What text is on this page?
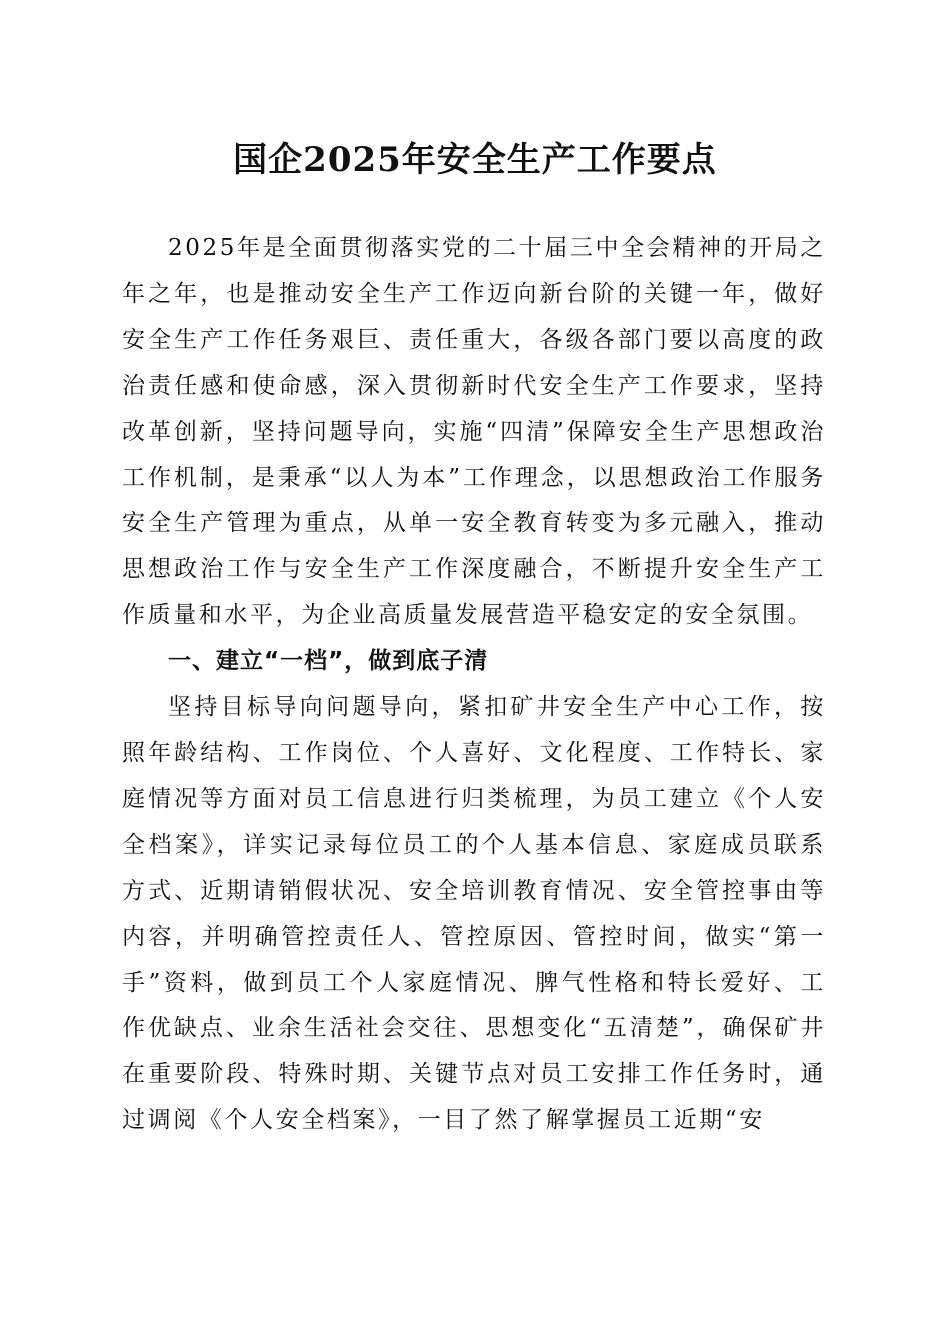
国企2025年安全生产工作要点

2025年是全面贯彻落实党的二十届三中全会精神的开局之年之年，也是推动安全生产工作迈向新台阶的关键一年，做好安全生产工作任务艰巨、责任重大，各级各部门要以高度的政治责任感和使命感，深入贯彻新时代安全生产工作要求，坚持改革创新，坚持问题导向，实施“四清”保障安全生产思想政治工作机制，是秉承“以人为本”工作理念，以思想政治工作服务安全生产管理为重点，从单一安全教育转变为多元融入，推动思想政治工作与安全生产工作深度融合，不断提升安全生产工作质量和水平，为企业高质量发展营造平稳安定的安全氛围。

一、建立“一档”，做到底子清

坚持目标导向问题导向，紧扣矿井安全生产中心工作，按照年龄结构、工作岗位、个人喜好、文化程度、工作特长、家庭情况等方面对员工信息进行归类梳理，为员工建立《个人安全档案》，详实记录每位员工的个人基本信息、家庭成员联系方式、近期请销假状况、安全培训教育情况、安全管控事由等内容，并明确管控责任人、管控原因、管控时间，做实“第一手”资料，做到员工个人家庭情况、脾气性格和特长爱好、工作优缺点、业余生活社会交往、思想变化“五清楚”，确保矿井在重要阶段、特殊时期、关键节点对员工安排工作任务时，通过调阅《个人安全档案》，一目了然了解掌握员工近期“安
